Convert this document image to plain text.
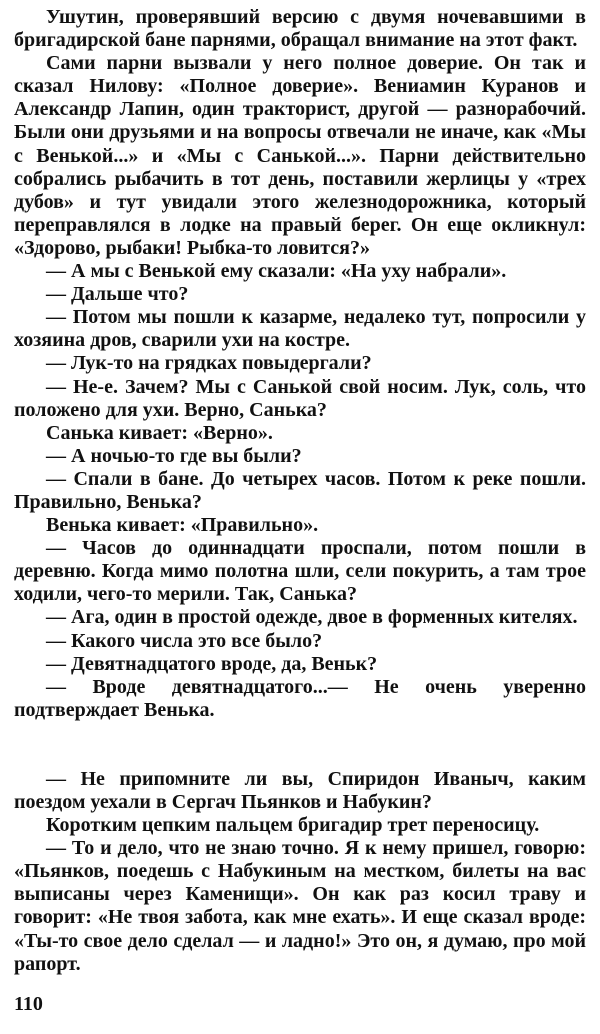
Ушутин, проверявший версию с двумя ночевавшими в бригадирской бане парнями, обращал внимание на этот факт.

Сами парни вызвали у него полное доверие. Он так и сказал Нилову: «Полное доверие». Вениамин Куранов и Александр Лапин, один тракторист, другой — разнорабочий. Были они друзьями и на вопросы отвечали не иначе, как «Мы с Венькой...» и «Мы с Санькой...». Парни действительно собрались рыбачить в тот день, поставили жерлицы у «трех дубов» и тут увидали этого железнодорожника, который переправлялся в лодке на правый берег. Он еще окликнул: «Здорово, рыбаки! Рыбка-то ловится?»

— А мы с Венькой ему сказали: «На уху набрали».

— Дальше что?

— Потом мы пошли к казарме, недалеко тут, попросили у хозяина дров, сварили ухи на костре.

— Лук-то на грядках повыдергали?

— Не-е. Зачем? Мы с Санькой свой носим. Лук, соль, что положено для ухи. Верно, Санька?

Санька кивает: «Верно».

— А ночью-то где вы были?

— Спали в бане. До четырех часов. Потом к реке пошли. Правильно, Венька?

Венька кивает: «Правильно».

— Часов до одиннадцати проспали, потом пошли в деревню. Когда мимо полотна шли, сели покурить, а там трое ходили, чего-то мерили. Так, Санька?

— Ага, один в простой одежде, двое в форменных кителях.

— Какого числа это все было?

— Девятнадцатого вроде, да, Веньк?

— Вроде девятнадцатого...— Не очень уверенно подтверждает Венька.

— Не припомните ли вы, Спиридон Иваныч, каким поездом уехали в Сергач Пьянков и Набукин?

Коротким цепким пальцем бригадир трет переносицу.

— То и дело, что не знаю точно. Я к нему пришел, говорю: «Пьянков, поедешь с Набукиным на местком, билеты на вас выписаны через Каменищи». Он как раз косил траву и говорит: «Не твоя забота, как мне ехать». И еще сказал вроде: «Ты-то свое дело сделал — и ладно!» Это он, я думаю, про мой рапорт.

110
